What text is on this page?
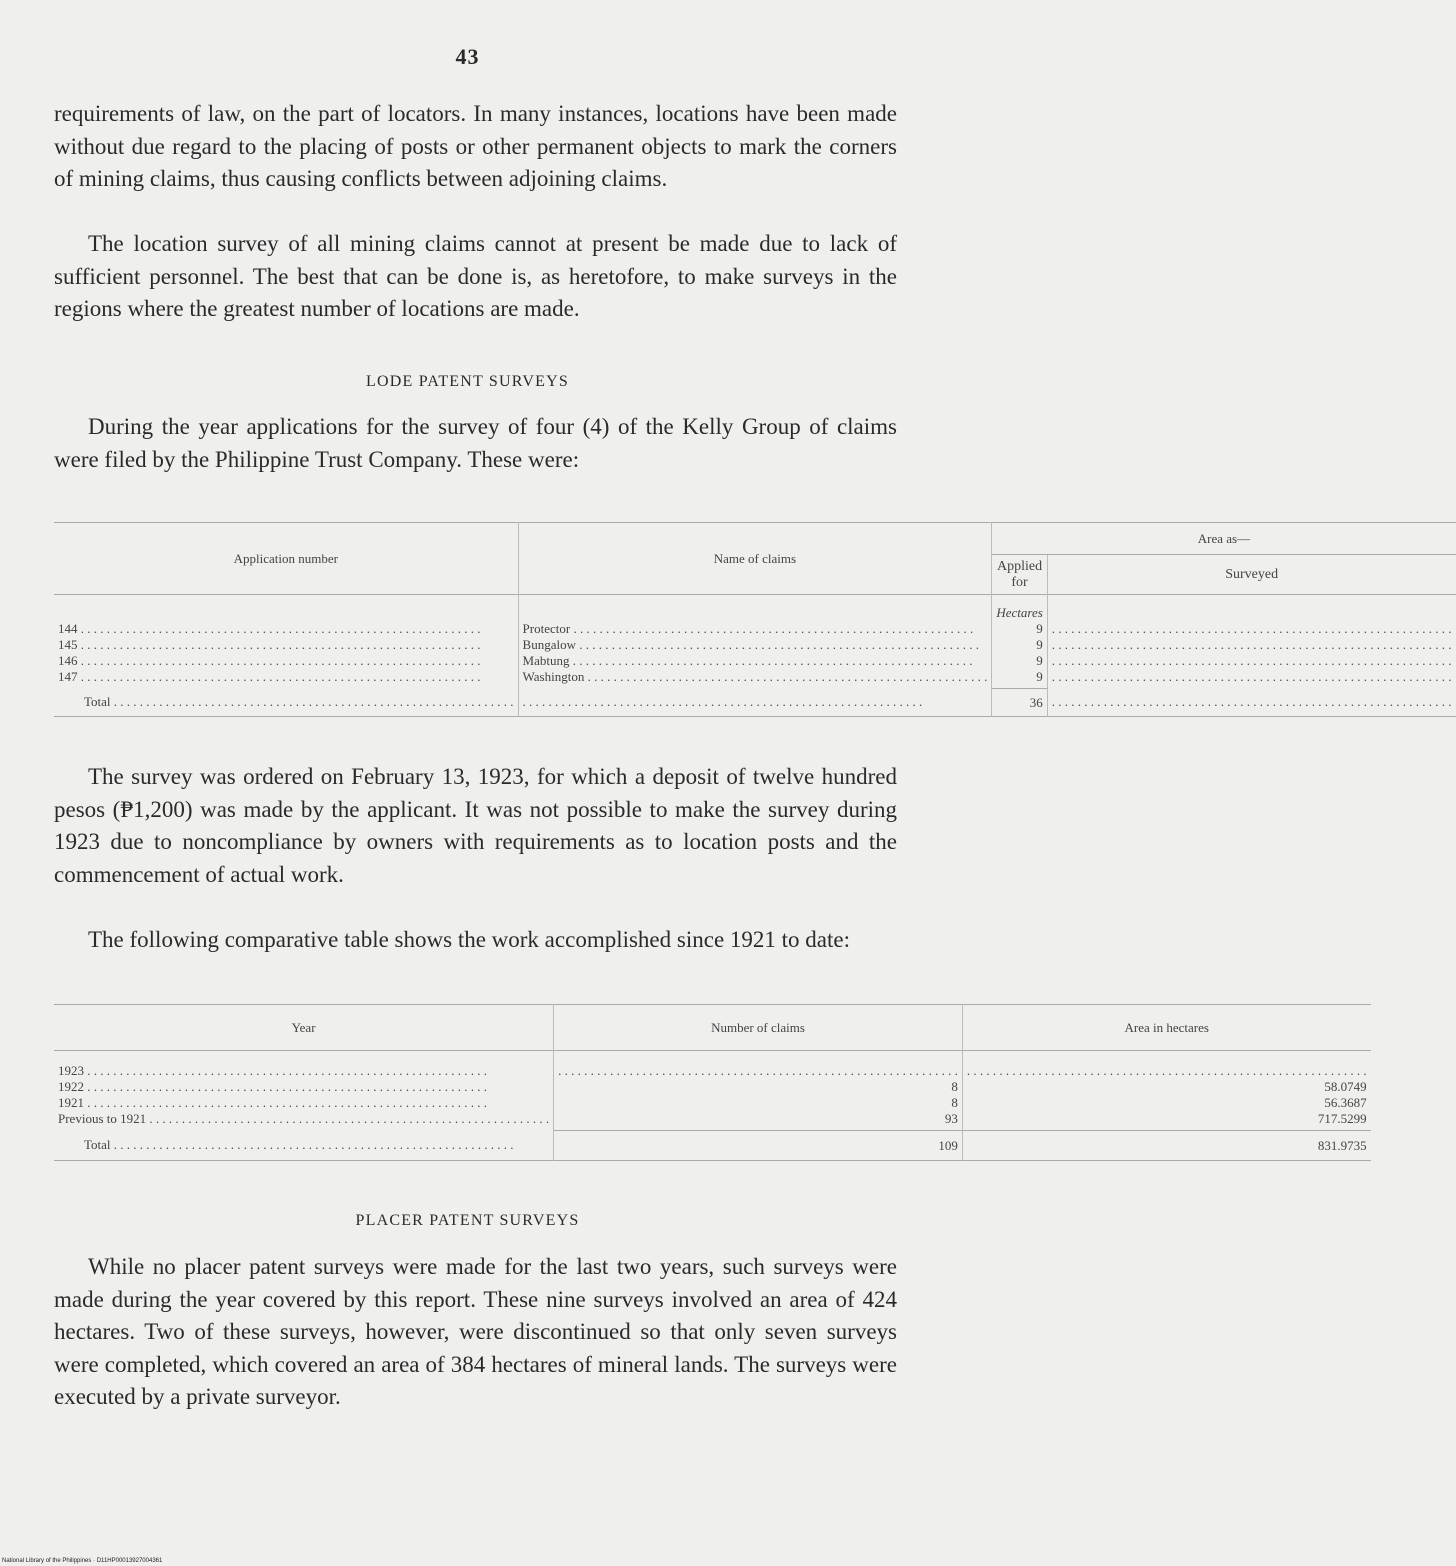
43

requirements of law, on the part of locators. In many instances, locations have been made without due regard to the placing of posts or other permanent objects to mark the corners of mining claims, thus causing conflicts between adjoining claims.

The location survey of all mining claims cannot at present be made due to lack of sufficient personnel. The best that can be done is, as heretofore, to make surveys in the regions where the greatest number of locations are made.

LODE PATENT SURVEYS

During the year applications for the survey of four (4) of the Kelly Group of claims were filed by the Philippine Trust Company. These were:

Application number	Name of claims	Area as—	
		Applied for	Surveyed
		Hectares	
144 . . .	Protector . . .	9	. . .
145 . . .	Bungalow . . .	9	. . .
146 . . .	Mabtung . . .	9	. . .
147 . . .	Washington . . .	9	. . .
Total . . .	. . .	36	. . .

The survey was ordered on February 13, 1923, for which a deposit of twelve hundred pesos (₱1,200) was made by the applicant. It was not possible to make the survey during 1923 due to noncompliance by owners with requirements as to location posts and the commencement of actual work.

The following comparative table shows the work accomplished since 1921 to date:

Year	Number of claims	Area in hectares
1923 . . .	. . .	. . .
1922 . . .	8	58.0749
1921 . . .	8	56.3687
Previous to 1921 . . .	93	717.5299
Total . . .	109	831.9735
PLACER PATENT SURVEYS

While no placer patent surveys were made for the last two years, such surveys were made during the year covered by this report. These nine surveys involved an area of 424 hectares. Two of these surveys, however, were discontinued so that only seven surveys were completed, which covered an area of 384 hectares of mineral lands. The surveys were executed by a private surveyor.

National Library of the Philippines · D11HP00013927004361
